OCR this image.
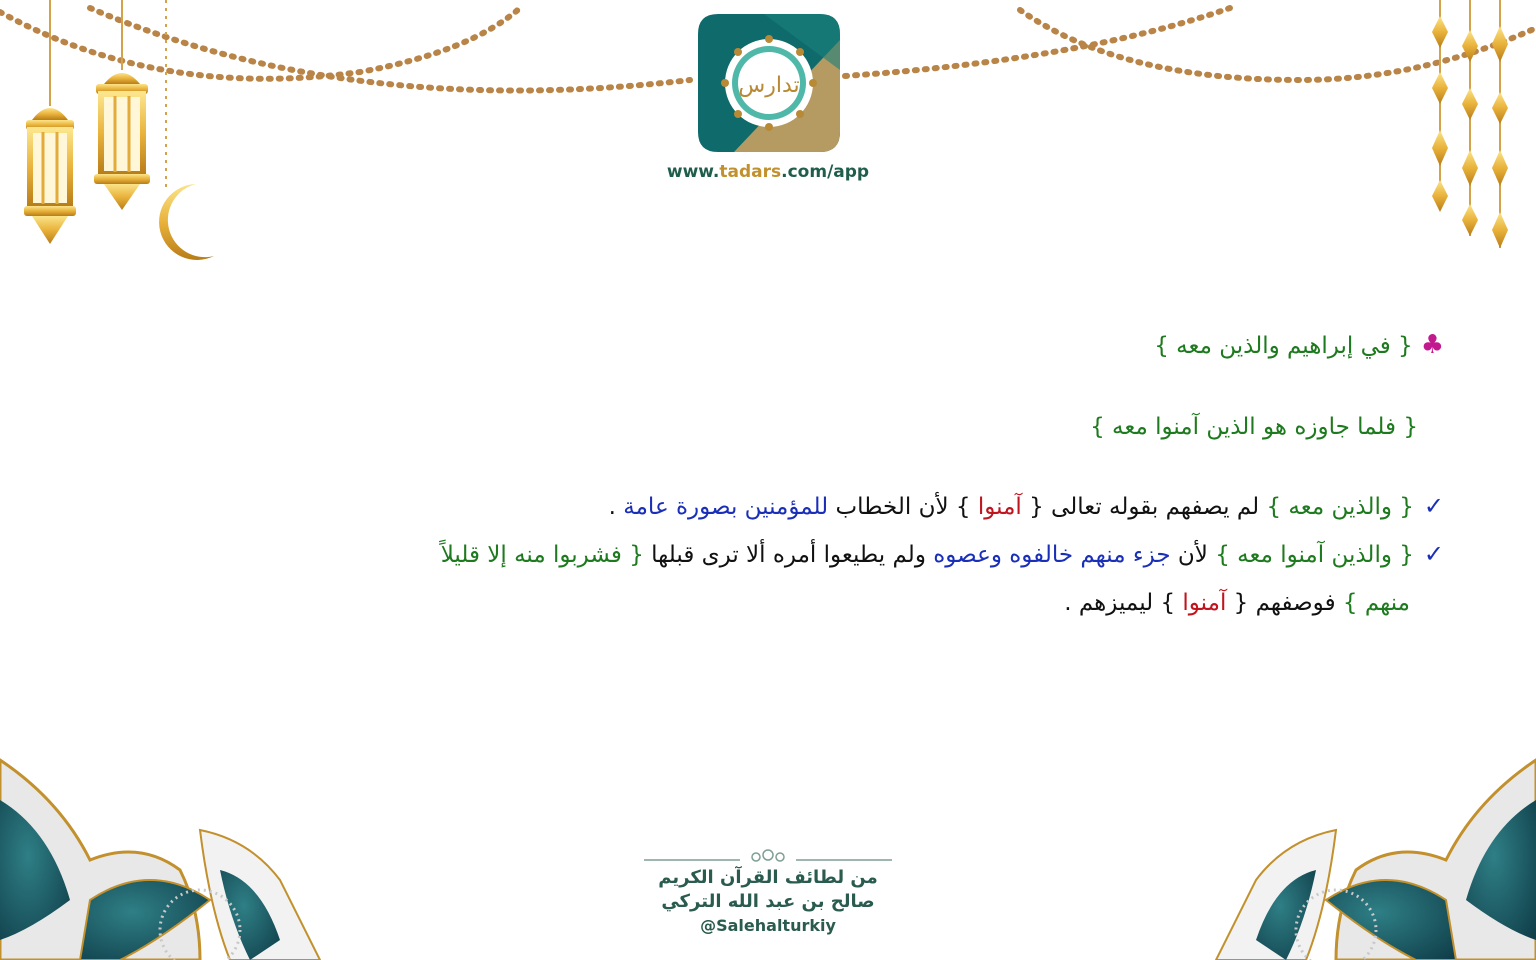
تدارس
www.tadars.com/app
♣{ في إبراهيم والذين معه }
{ فلما جاوزه هو الذين آمنوا معه }
✓{ والذين معه } لم يصفهم بقوله تعالى { آمنوا } لأن الخطاب للمؤمنين بصورة عامة .
✓{ والذين آمنوا معه } لأن جزء منهم خالفوه وعصوه ولم يطيعوا أمره ألا ترى قبلها { فشربوا منه إلا قليلاً
منهم } فوصفهم { آمنوا } ليميزهم .
من لطائف القرآن الكريم
صالح بن عبد الله التركي
@Salehalturkiy
